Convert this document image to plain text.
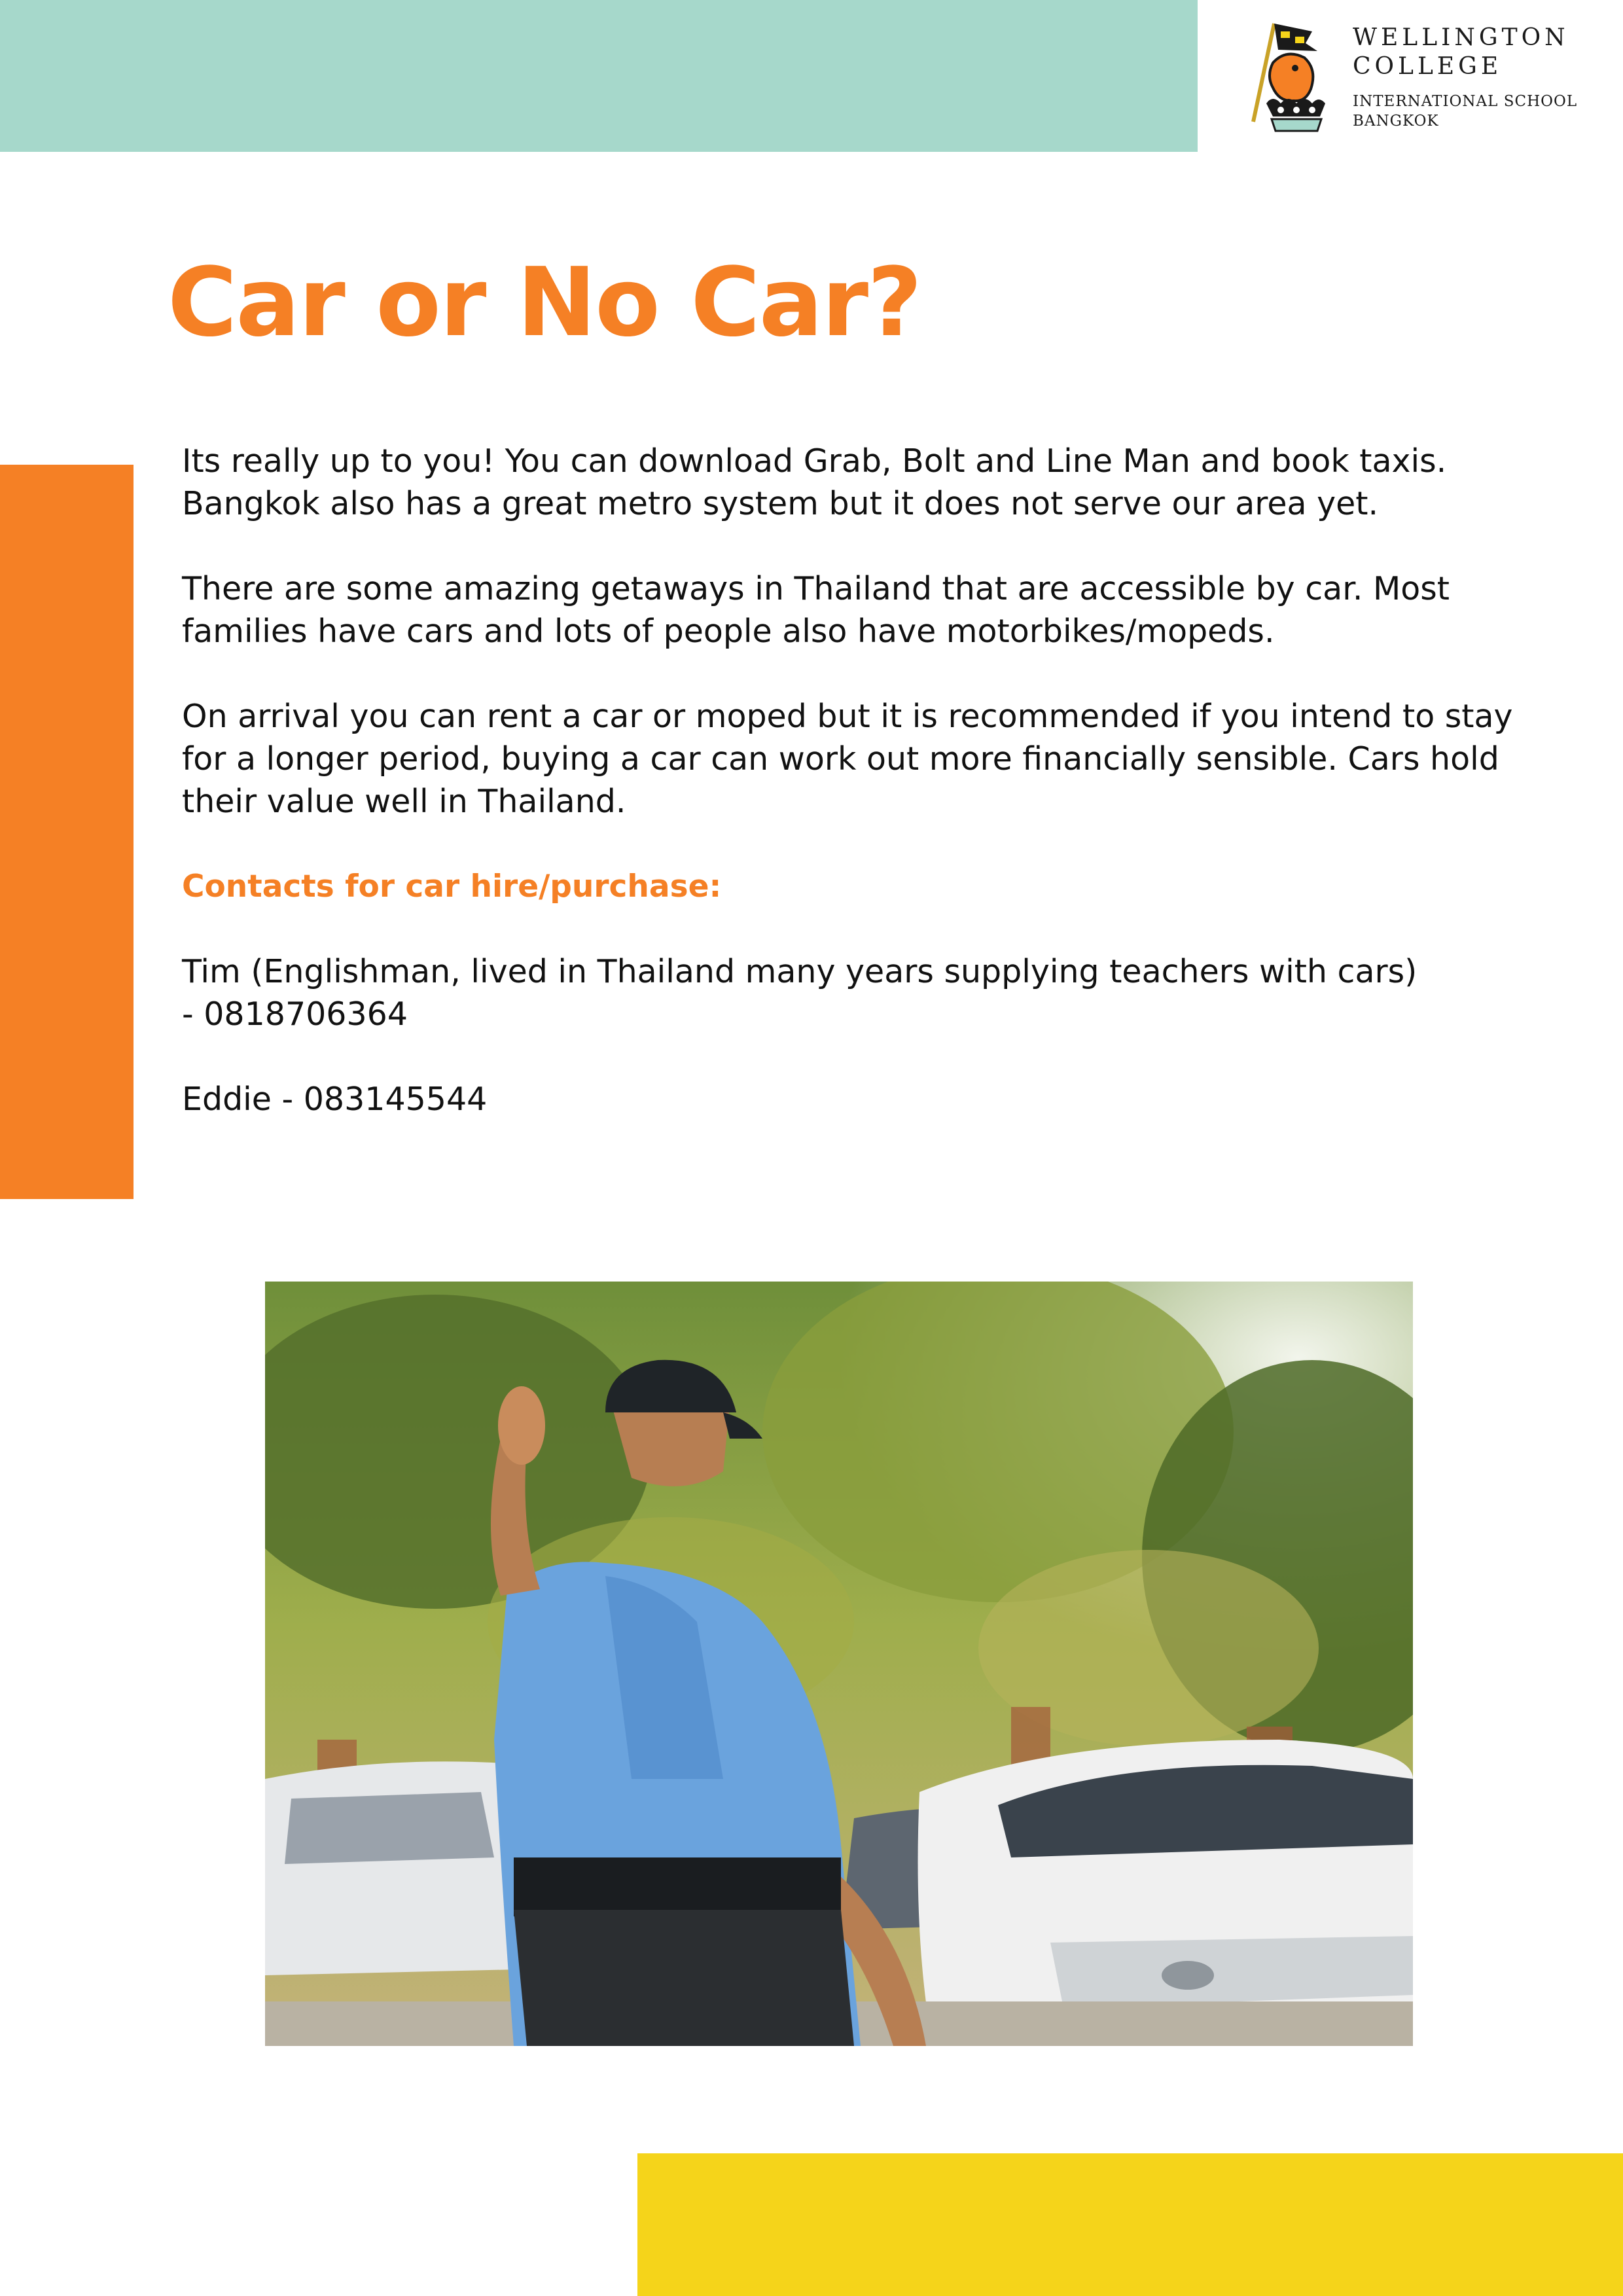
WELLINGTON
COLLEGE
INTERNATIONAL SCHOOL
BANGKOK
Car or No Car?

Its really up to you! You can download Grab, Bolt and Line Man and book taxis.
Bangkok also has a great metro system but it does not serve our area yet.

There are some amazing getaways in Thailand that are accessible by car. Most
families have cars and lots of people also have motorbikes/mopeds.

On arrival you can rent a car or moped but it is recommended if you intend to stay
for a longer period, buying a car can work out more financially sensible. Cars hold
their value well in Thailand.

Contacts for car hire/purchase:

Tim (Englishman, lived in Thailand many years supplying teachers with cars)
- 0818706364

Eddie - 083145544
